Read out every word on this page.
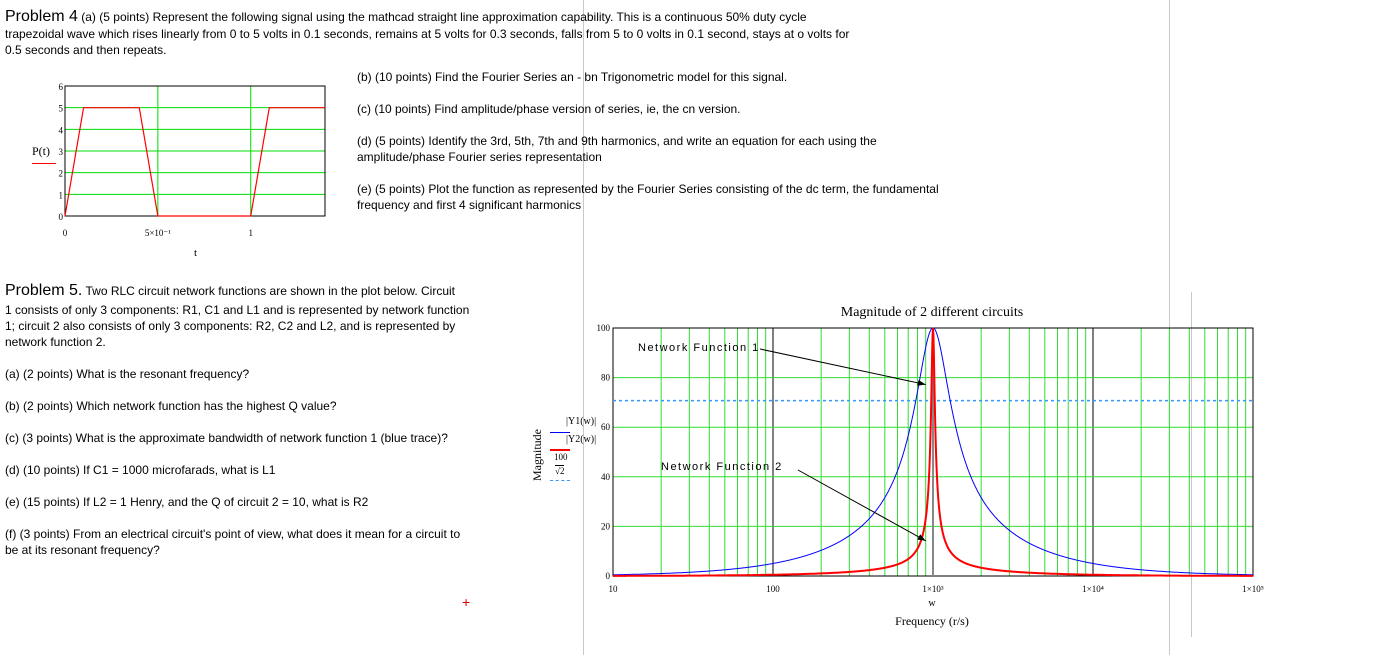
Problem 4 (a) (5 points) Represent the following signal using the mathcad straight line approximation capability. This is a continuous 50% duty cycle
trapezoidal wave which rises linearly from 0 to 5 volts in 0.1 seconds, remains at 5 volts for 0.3 seconds, falls from 5 to 0 volts in 0.1 second, stays at o volts for
0.5 seconds and then repeats.
(b) (10 points) Find the Fourier Series an - bn Trigonometric model for this signal.
(c) (10 points) Find amplitude/phase version of series, ie, the cn version.
(d) (5 points) Identify the 3rd, 5th, 7th and 9th harmonics, and write an equation for each using the
amplitude/phase Fourier series representation
(e) (5 points) Plot the function as represented by the Fourier Series consisting of the dc term, the fundamental
frequency and first 4 significant harmonics
Problem 5. Two RLC circuit network functions are shown in the plot below. Circuit
1 consists of only 3 components: R1, C1 and L1 and is represented by network function
1; circuit 2 also consists of only 3 components: R2, C2 and L2, and is represented by
network function 2.
(a) (2 points) What is the resonant frequency?
(b) (2 points) Which network function has the highest Q value?
(c) (3 points) What is the approximate bandwidth of network function 1 (blue trace)?
(d) (10 points) If C1 = 1000 microfarads, what is L1
(e) (15 points) If L2 = 1 Henry, and the Q of circuit 2 = 10, what is R2
(f) (3 points) From an electrical circuit's point of view, what does it mean for a circuit to
be at its resonant frequency?
+
0
1
2
3
4
5
6
0	5×10⁻¹	1
P(t)
t
0
20
40
60
80
100
10	100	1×10³	1×10⁴	1×10⁵
Magnitude of 2 different circuits
w
Frequency (r/s)
Magnitude
|Y1(w)|
|Y2(w)|
100
√2
Network Function 1
Network Function 2
